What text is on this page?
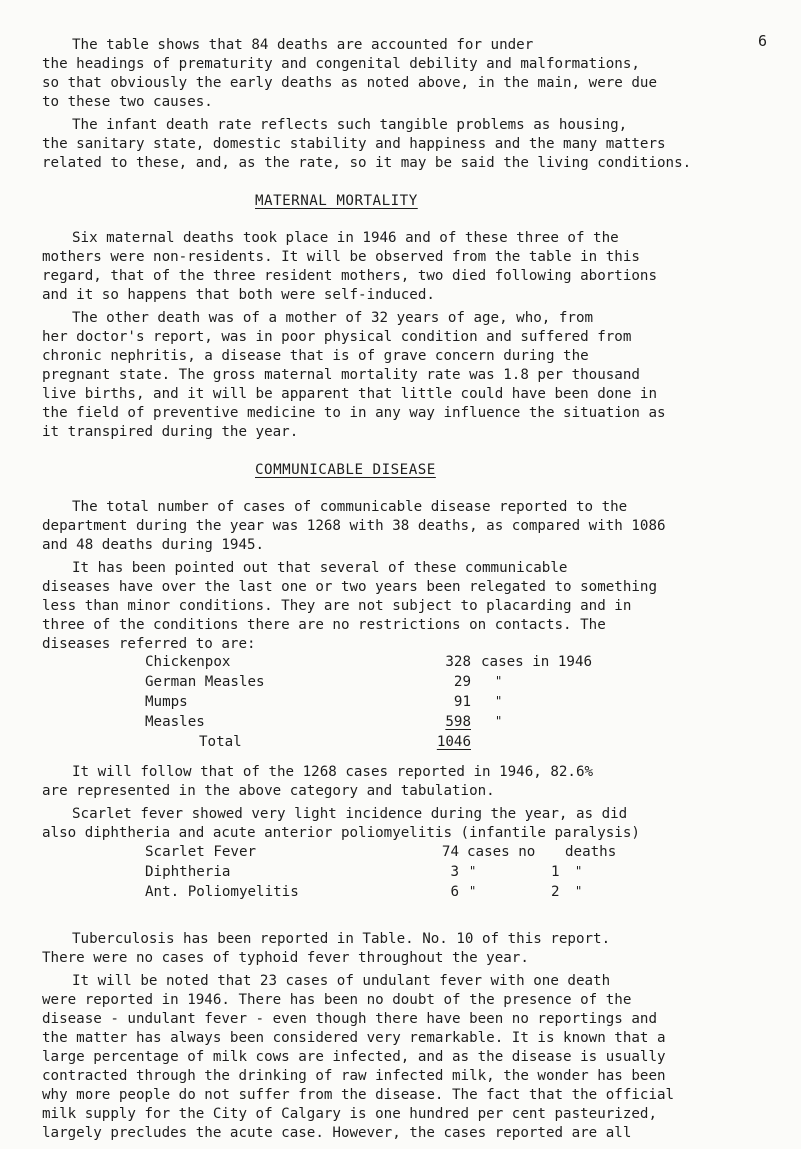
6
The table shows that 84 deaths are accounted for under
the headings of prematurity and congenital debility and malformations,
so that obviously the early deaths as noted above, in the main, were due
to these two causes.
The infant death rate reflects such tangible problems as housing,
the sanitary state, domestic stability and happiness and the many matters
related to these, and, as the rate, so it may be said the living conditions.
MATERNAL MORTALITY
Six maternal deaths took place in 1946 and of these three of the
mothers were non-residents. It will be observed from the table in this
regard, that of the three resident mothers, two died following abortions
and it so happens that both were self-induced.
The other death was of a mother of 32 years of age, who, from
her doctor's report, was in poor physical condition and suffered from
chronic nephritis, a disease that is of grave concern during the
pregnant state. The gross maternal mortality rate was 1.8 per thousand
live births, and it will be apparent that little could have been done in
the field of preventive medicine to in any way influence the situation as
it transpired during the year.
COMMUNICABLE DISEASE
The total number of cases of communicable disease reported to the
department during the year was 1268 with 38 deaths, as compared with 1086
and 48 deaths during 1945.
It has been pointed out that several of these communicable
diseases have over the last one or two years been relegated to something
less than minor conditions. They are not subject to placarding and in
three of the conditions there are no restrictions on contacts. The
diseases referred to are:
Chickenpox	328	cases in 1946
German Measles	29	"
Mumps	91	"
Measles	598	"
Total	1046	
It will follow that of the 1268 cases reported in 1946, 82.6%
are represented in the above category and tabulation.
Scarlet fever showed very light incidence during the year, as did
also diphtheria and acute anterior poliomyelitis (infantile paralysis)
Scarlet Fever	74	cases no		deaths
Diphtheria	3	"	1	"
Ant. Poliomyelitis	6	"	2	"
Tuberculosis has been reported in Table. No. 10 of this report.
There were no cases of typhoid fever throughout the year.
It will be noted that 23 cases of undulant fever with one death
were reported in 1946. There has been no doubt of the presence of the
disease - undulant fever - even though there have been no reportings and
the matter has always been considered very remarkable. It is known that a
large percentage of milk cows are infected, and as the disease is usually
contracted through the drinking of raw infected milk, the wonder has been
why more people do not suffer from the disease. The fact that the official
milk supply for the City of Calgary is one hundred per cent pasteurized,
largely precludes the acute case. However, the cases reported are all
